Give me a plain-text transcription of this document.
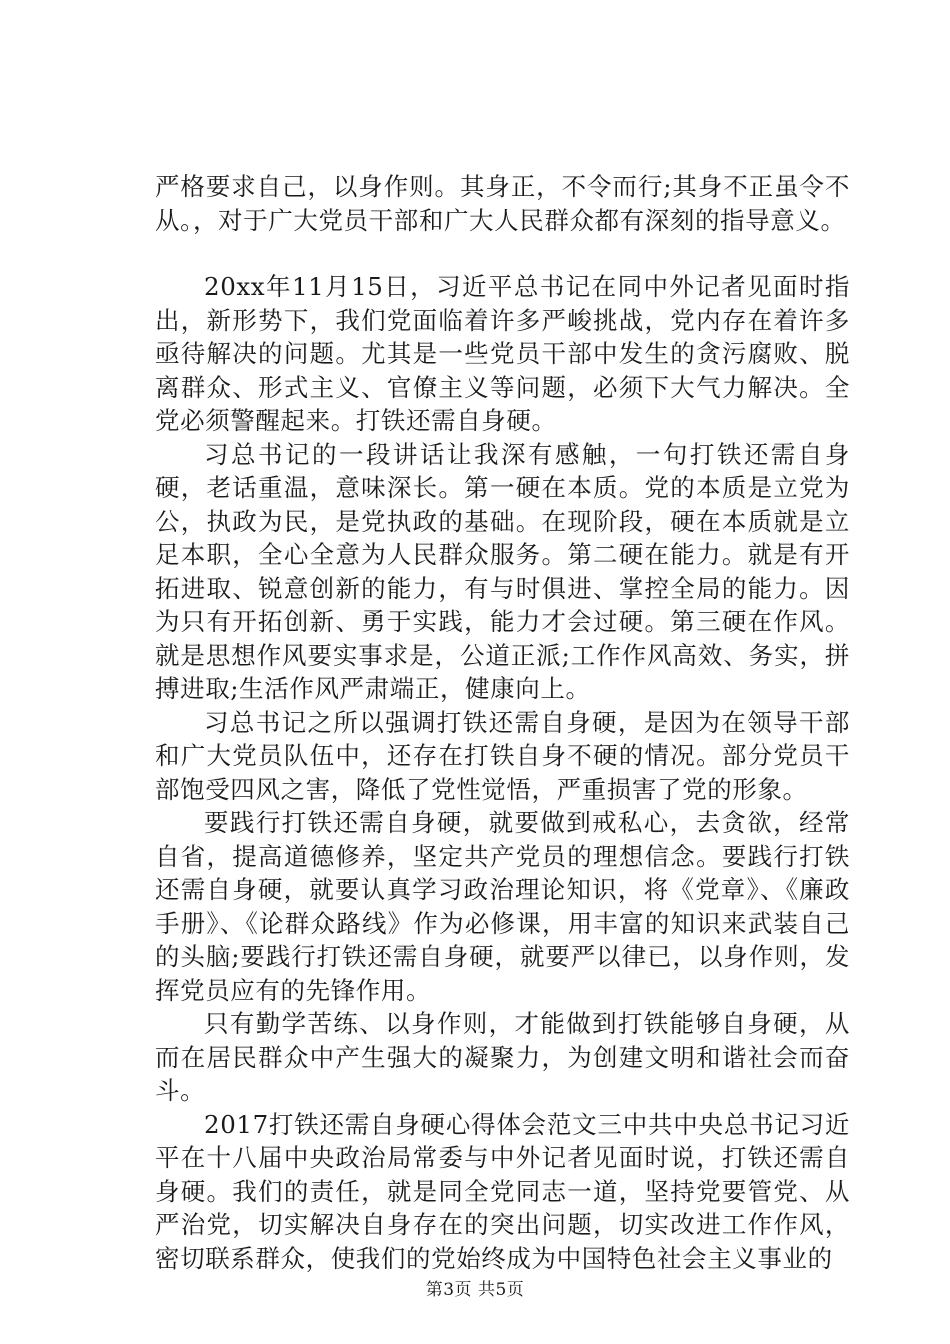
严格要求自己，以身作则。其身正，不令而行;其身不正虽令不从。，对于广大党员干部和广大人民群众都有深刻的指导意义。

20xx年11月15日，习近平总书记在同中外记者见面时指出，新形势下，我们党面临着许多严峻挑战，党内存在着许多亟待解决的问题。尤其是一些党员干部中发生的贪污腐败、脱离群众、形式主义、官僚主义等问题，必须下大气力解决。全党必须警醒起来。打铁还需自身硬。

习总书记的一段讲话让我深有感触，一句打铁还需自身硬，老话重温，意味深长。第一硬在本质。党的本质是立党为公，执政为民，是党执政的基础。在现阶段，硬在本质就是立足本职，全心全意为人民群众服务。第二硬在能力。就是有开拓进取、锐意创新的能力，有与时俱进、掌控全局的能力。因为只有开拓创新、勇于实践，能力才会过硬。第三硬在作风。就是思想作风要实事求是，公道正派;工作作风高效、务实，拼搏进取;生活作风严肃端正，健康向上。

习总书记之所以强调打铁还需自身硬，是因为在领导干部和广大党员队伍中，还存在打铁自身不硬的情况。部分党员干部饱受四风之害，降低了党性觉悟，严重损害了党的形象。

要践行打铁还需自身硬，就要做到戒私心，去贪欲，经常自省，提高道德修养，坚定共产党员的理想信念。要践行打铁还需自身硬，就要认真学习政治理论知识，将《党章》、《廉政手册》、《论群众路线》作为必修课，用丰富的知识来武装自己的头脑;要践行打铁还需自身硬，就要严以律已，以身作则，发挥党员应有的先锋作用。

只有勤学苦练、以身作则，才能做到打铁能够自身硬，从而在居民群众中产生强大的凝聚力，为创建文明和谐社会而奋斗。

2017打铁还需自身硬心得体会范文三中共中央总书记习近平在十八届中央政治局常委与中外记者见面时说，打铁还需自身硬。我们的责任，就是同全党同志一道，坚持党要管党、从严治党，切实解决自身存在的突出问题，切实改进工作作风，密切联系群众，使我们的党始终成为中国特色社会主义事业的

第3页 共5页
